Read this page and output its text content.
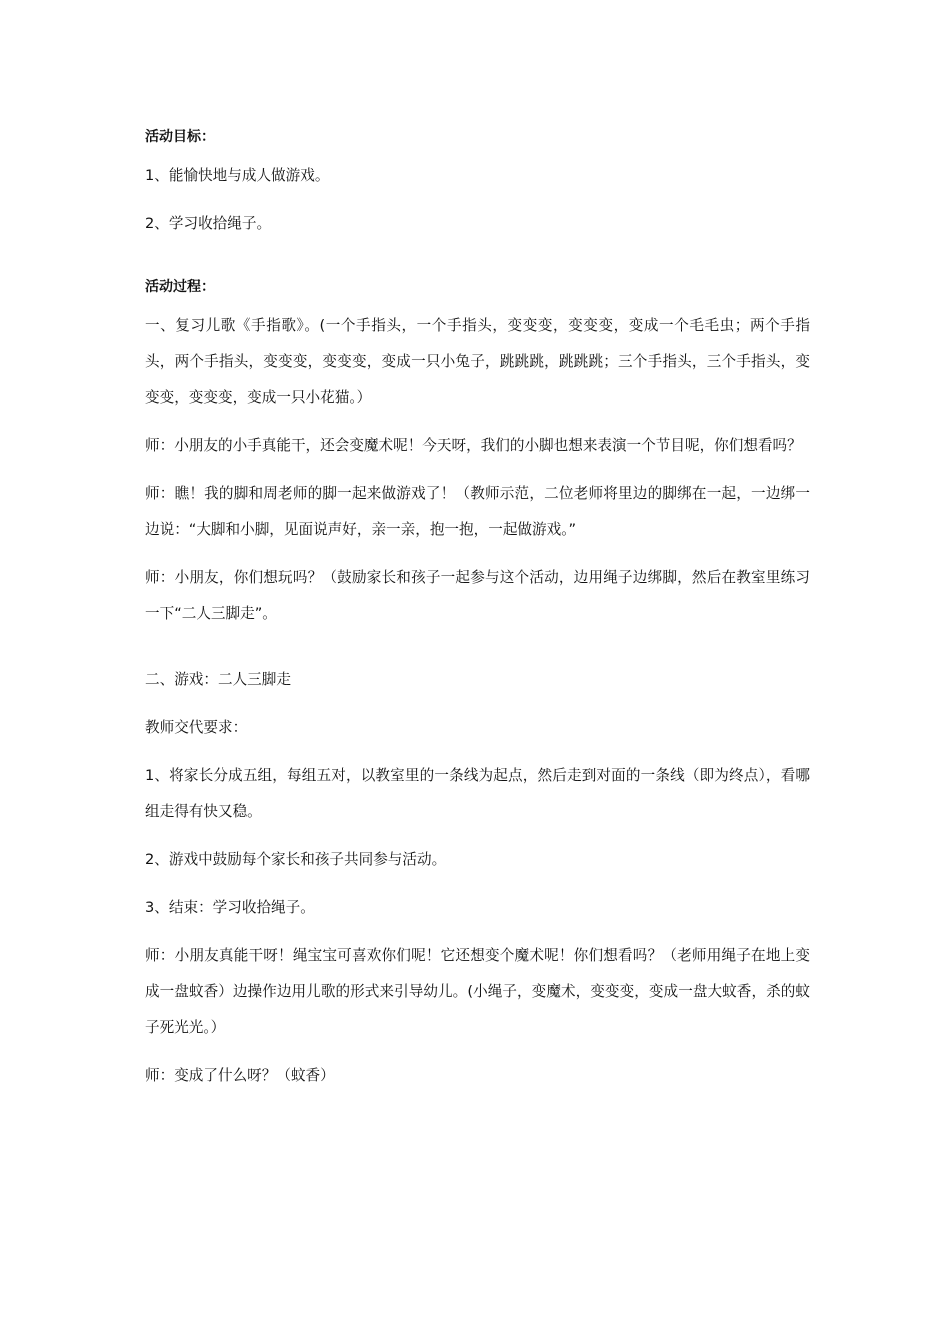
活动目标：

1、能愉快地与成人做游戏。

2、学习收拾绳子。

活动过程：

一、复习儿歌《手指歌》。(一个手指头，一个手指头，变变变，变变变，变成一个毛毛虫；两个手指头，两个手指头，变变变，变变变，变成一只小兔子，跳跳跳，跳跳跳；三个手指头，三个手指头，变变变，变变变，变成一只小花猫。）

师：小朋友的小手真能干，还会变魔术呢！今天呀，我们的小脚也想来表演一个节目呢，你们想看吗？

师：瞧！我的脚和周老师的脚一起来做游戏了！（教师示范，二位老师将里边的脚绑在一起，一边绑一边说：“大脚和小脚，见面说声好，亲一亲，抱一抱，一起做游戏。”

师：小朋友，你们想玩吗？（鼓励家长和孩子一起参与这个活动，边用绳子边绑脚，然后在教室里练习一下“二人三脚走”。

二、游戏：二人三脚走

教师交代要求：

1、将家长分成五组，每组五对，以教室里的一条线为起点，然后走到对面的一条线（即为终点），看哪组走得有快又稳。

2、游戏中鼓励每个家长和孩子共同参与活动。

3、结束：学习收拾绳子。

师：小朋友真能干呀！绳宝宝可喜欢你们呢！它还想变个魔术呢！你们想看吗？（老师用绳子在地上变成一盘蚊香）边操作边用儿歌的形式来引导幼儿。(小绳子，变魔术，变变变，变成一盘大蚊香，杀的蚊子死光光。）

师：变成了什么呀？（蚊香）
